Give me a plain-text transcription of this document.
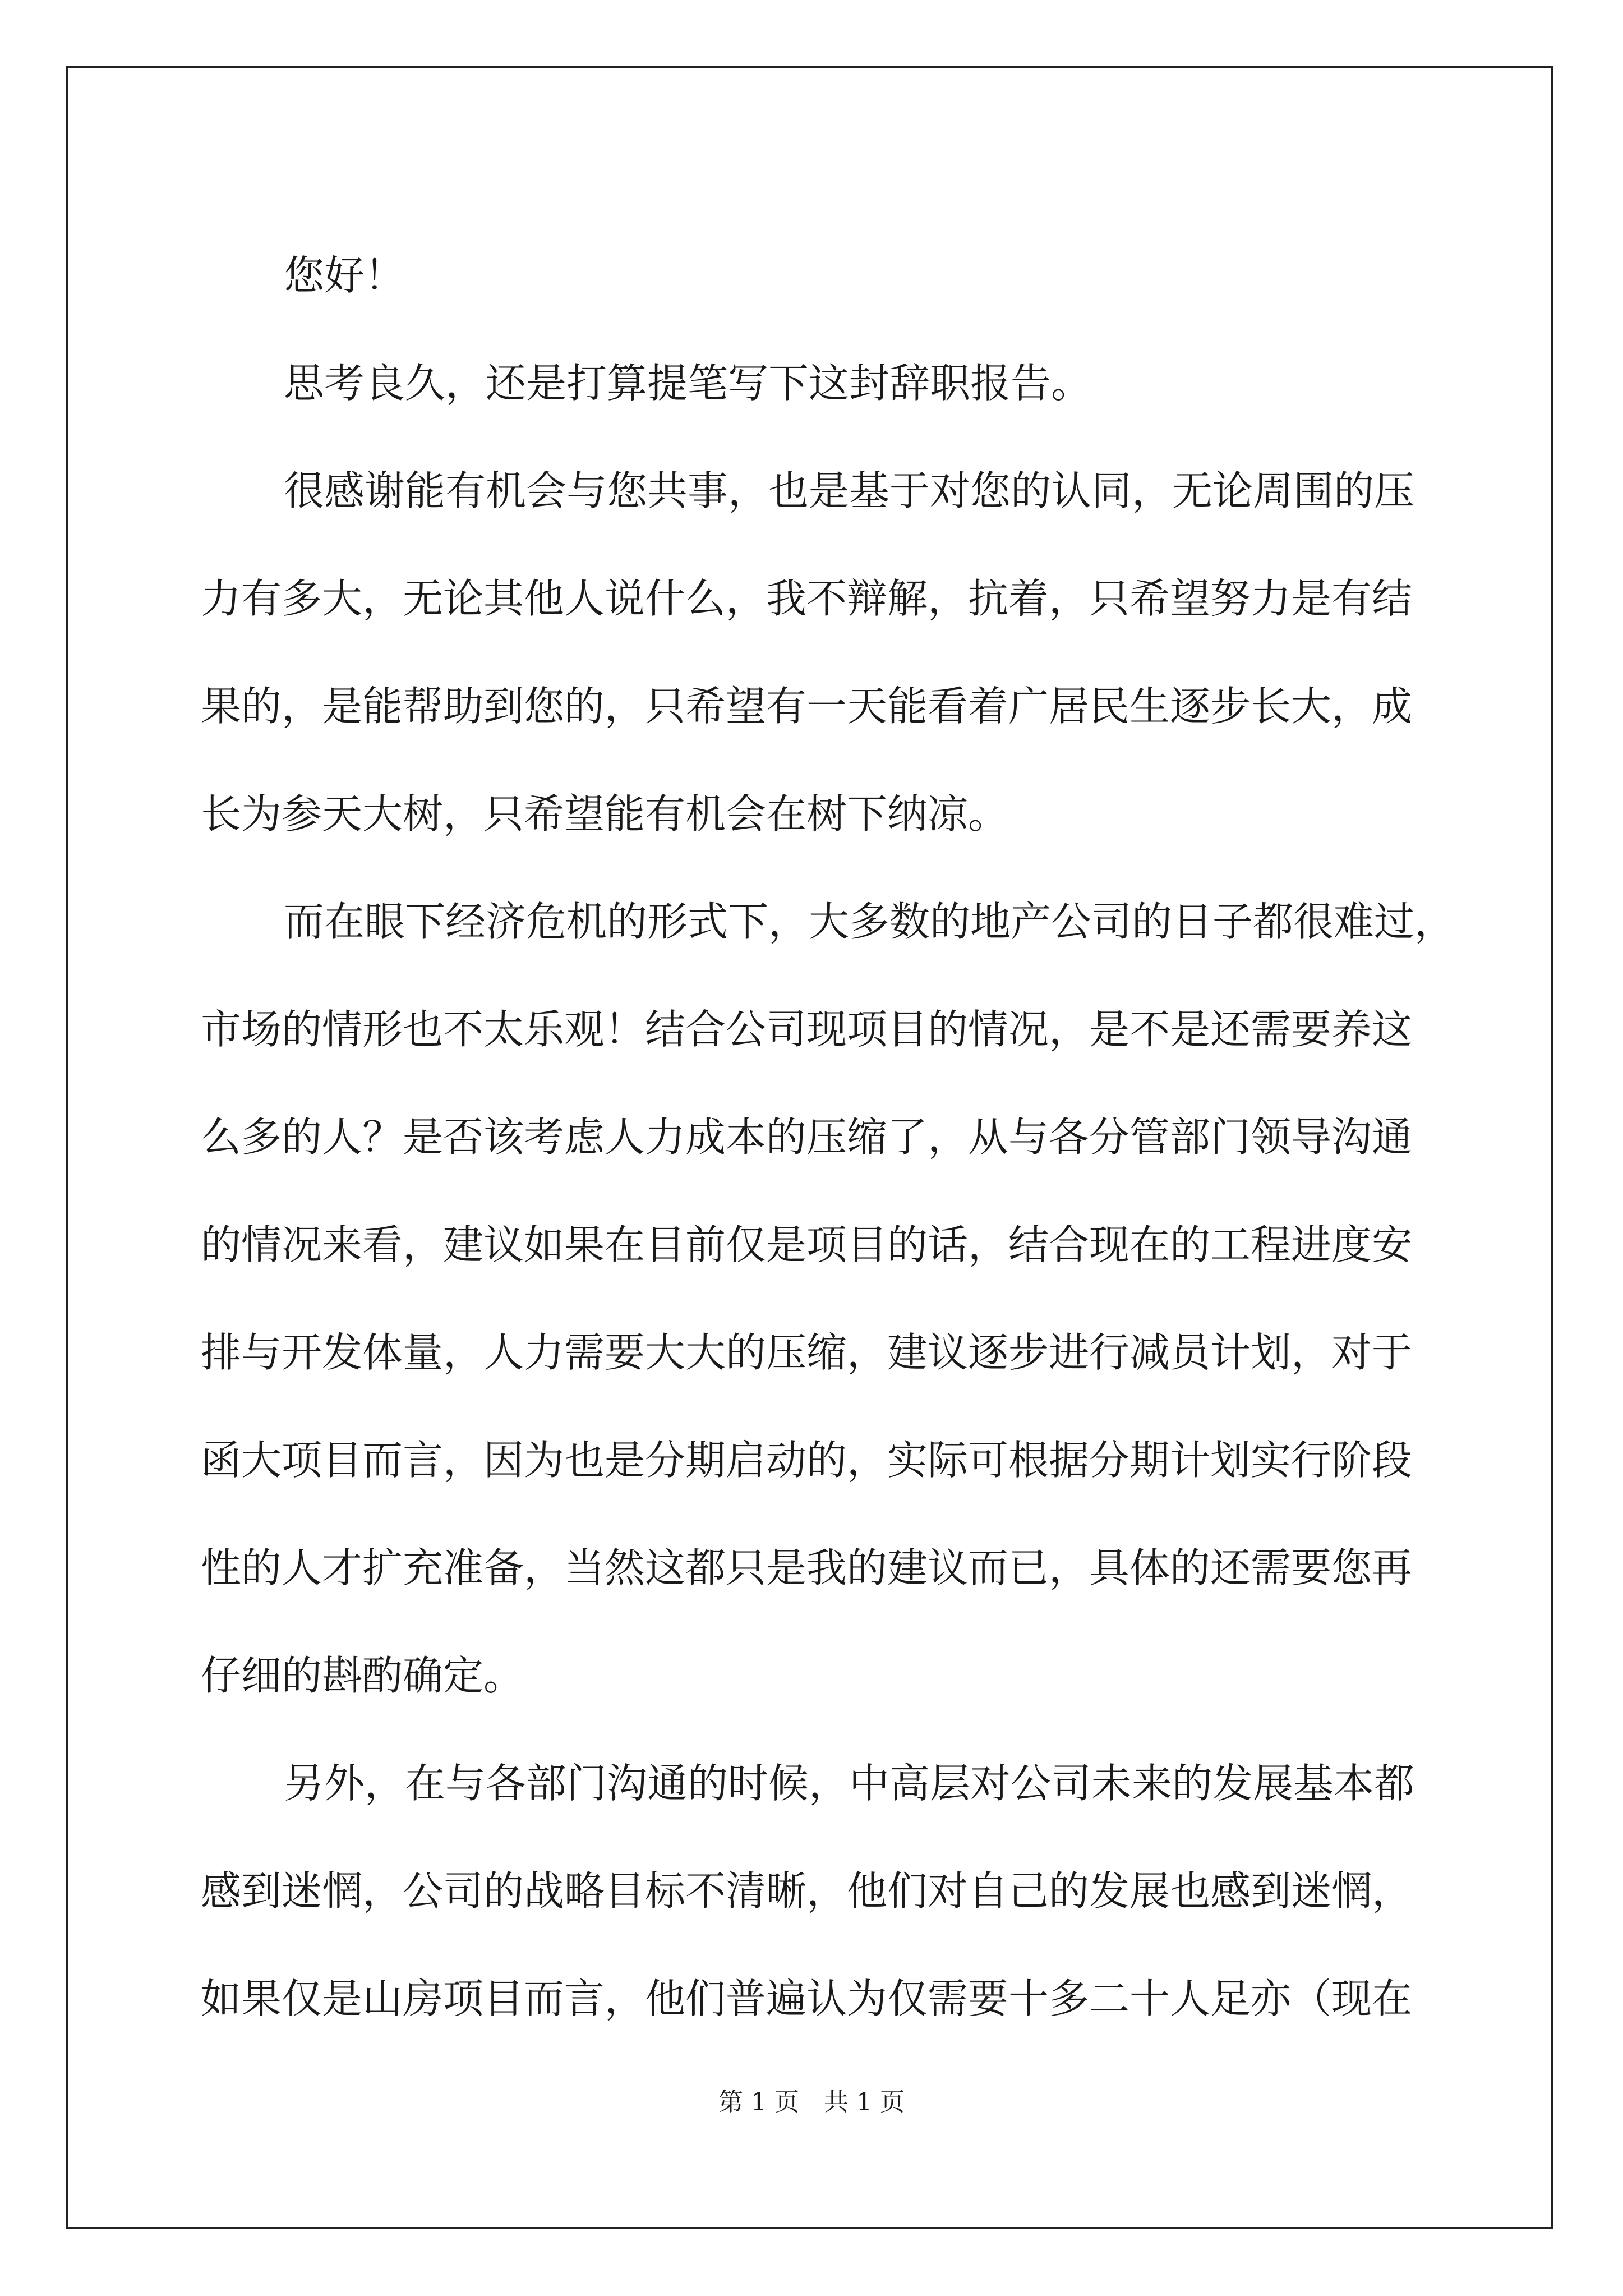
您好！
思考良久，还是打算提笔写下这封辞职报告。
很感谢能有机会与您共事，也是基于对您的认同，无论周围的压
力有多大，无论其他人说什么，我不辩解，抗着，只希望努力是有结
果的，是能帮助到您的，只希望有一天能看着广居民生逐步长大，成
长为参天大树，只希望能有机会在树下纳凉。
而在眼下经济危机的形式下，大多数的地产公司的日子都很难过，
市场的情形也不太乐观！结合公司现项目的情况，是不是还需要养这
么多的人？是否该考虑人力成本的压缩了，从与各分管部门领导沟通
的情况来看，建议如果在目前仅是项目的话，结合现在的工程进度安
排与开发体量，人力需要大大的压缩，建议逐步进行减员计划，对于
函大项目而言，因为也是分期启动的，实际可根据分期计划实行阶段
性的人才扩充准备，当然这都只是我的建议而已，具体的还需要您再
仔细的斟酌确定。
另外，在与各部门沟通的时候，中高层对公司未来的发展基本都
感到迷惘，公司的战略目标不清晰，他们对自己的发展也感到迷惘，
如果仅是山房项目而言，他们普遍认为仅需要十多二十人足亦（现在
第 1 页　共 1 页
